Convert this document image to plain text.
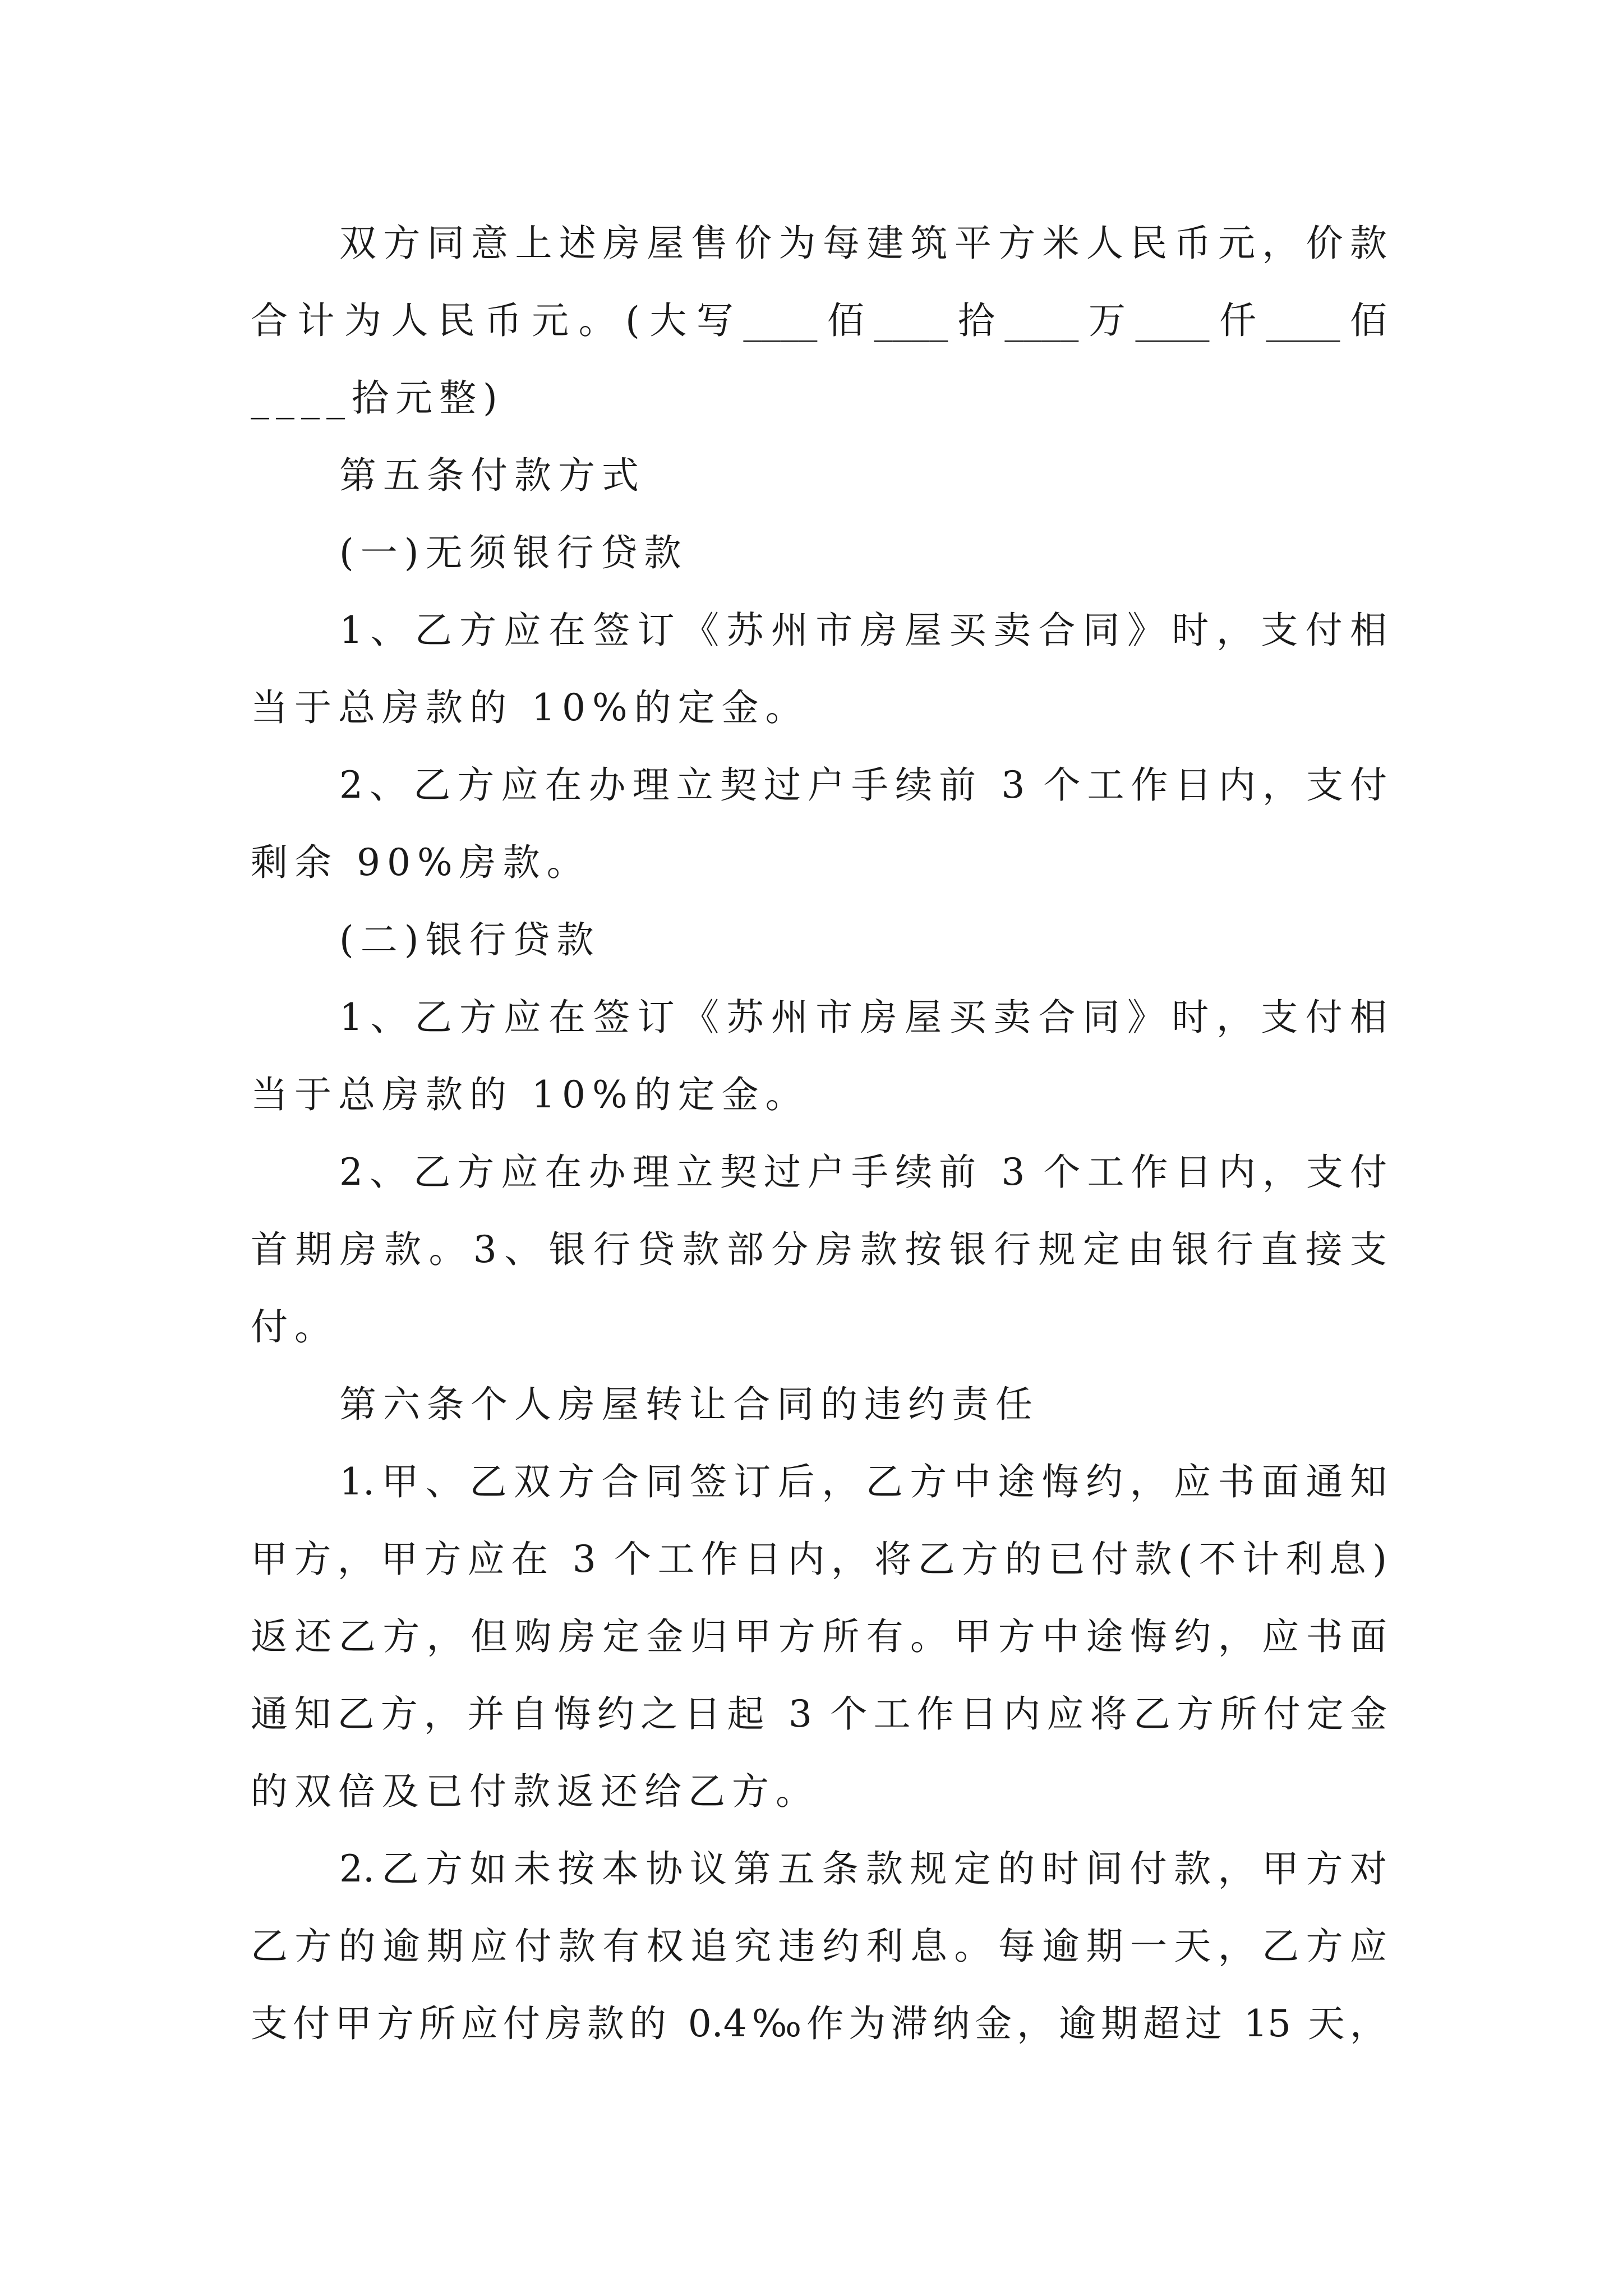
双方同意上述房屋售价为每建筑平方米人民币元，价款
合计为人民币元。(大写____佰____拾____万____仟____佰
____拾元整)
第五条付款方式
(一)无须银行贷款
1、乙方应在签订《苏州市房屋买卖合同》时，支付相
当于总房款的 10%的定金。
2、乙方应在办理立契过户手续前 3 个工作日内，支付
剩余 90%房款。
(二)银行贷款
1、乙方应在签订《苏州市房屋买卖合同》时，支付相
当于总房款的 10%的定金。
2、乙方应在办理立契过户手续前 3 个工作日内，支付
首期房款。3、银行贷款部分房款按银行规定由银行直接支
付。
第六条个人房屋转让合同的违约责任
1.甲、乙双方合同签订后，乙方中途悔约，应书面通知
甲方，甲方应在 3 个工作日内，将乙方的已付款(不计利息)
返还乙方，但购房定金归甲方所有。甲方中途悔约，应书面
通知乙方，并自悔约之日起 3 个工作日内应将乙方所付定金
的双倍及已付款返还给乙方。
2.乙方如未按本协议第五条款规定的时间付款，甲方对
乙方的逾期应付款有权追究违约利息。每逾期一天，乙方应
支付甲方所应付房款的 0.4‰作为滞纳金，逾期超过 15 天，
